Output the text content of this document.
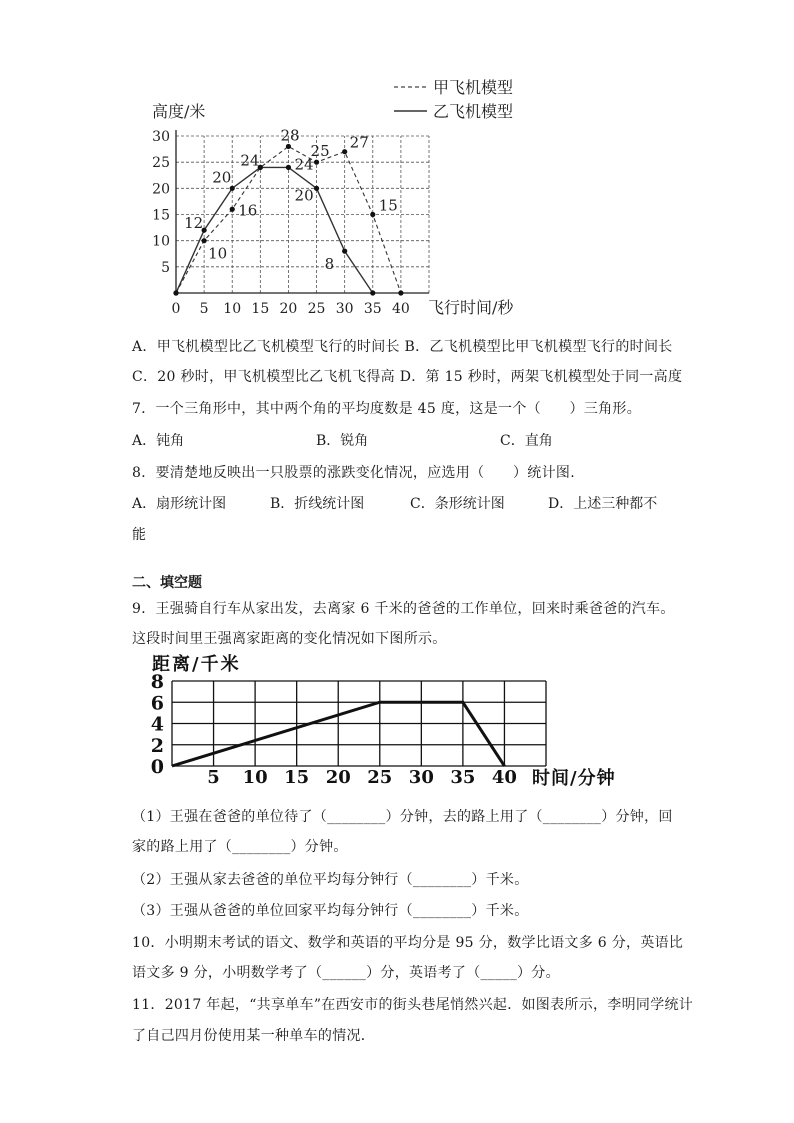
高度/米
飞行时间/秒
甲飞机模型
乙飞机模型
5
10
15
20
25
30
0 5 10 15 20 25 30 35 40
10
16
28
25 27
15
12
20
24 24
20
8
A．甲飞机模型比乙飞机模型飞行的时间长 B．乙飞机模型比甲飞机模型飞行的时间长
C．20 秒时，甲飞机模型比乙飞机飞得高 D．第 15 秒时，两架飞机模型处于同一高度
7．一个三角形中，其中两个角的平均度数是 45 度，这是一个（　　）三角形。
A．钝角	B．锐角	C．直角
8．要清楚地反映出一只股票的涨跌变化情况，应选用（　　）统计图.
A．扇形统计图	B．折线统计图	C．条形统计图	D．上述三种都不
能
二、填空题
9．王强骑自行车从家出发，去离家 6 千米的爸爸的工作单位，回来时乘爸爸的汽车。
这段时间里王强离家距离的变化情况如下图所示。
距离/千米
时间/分钟
0
2
4
6
8
5 10 15 20 25 30 35 40
（1）王强在爸爸的单位待了（________）分钟，去的路上用了（________）分钟，回
家的路上用了（________）分钟。
（2）王强从家去爸爸的单位平均每分钟行（________）千米。
（3）王强从爸爸的单位回家平均每分钟行（________）千米。
10．小明期末考试的语文、数学和英语的平均分是 95 分，数学比语文多 6 分，英语比
语文多 9 分，小明数学考了（______）分，英语考了（_____）分。
11．2017 年起，“共享单车”在西安市的街头巷尾悄然兴起．如图表所示，李明同学统计
了自己四月份使用某一种单车的情况．
